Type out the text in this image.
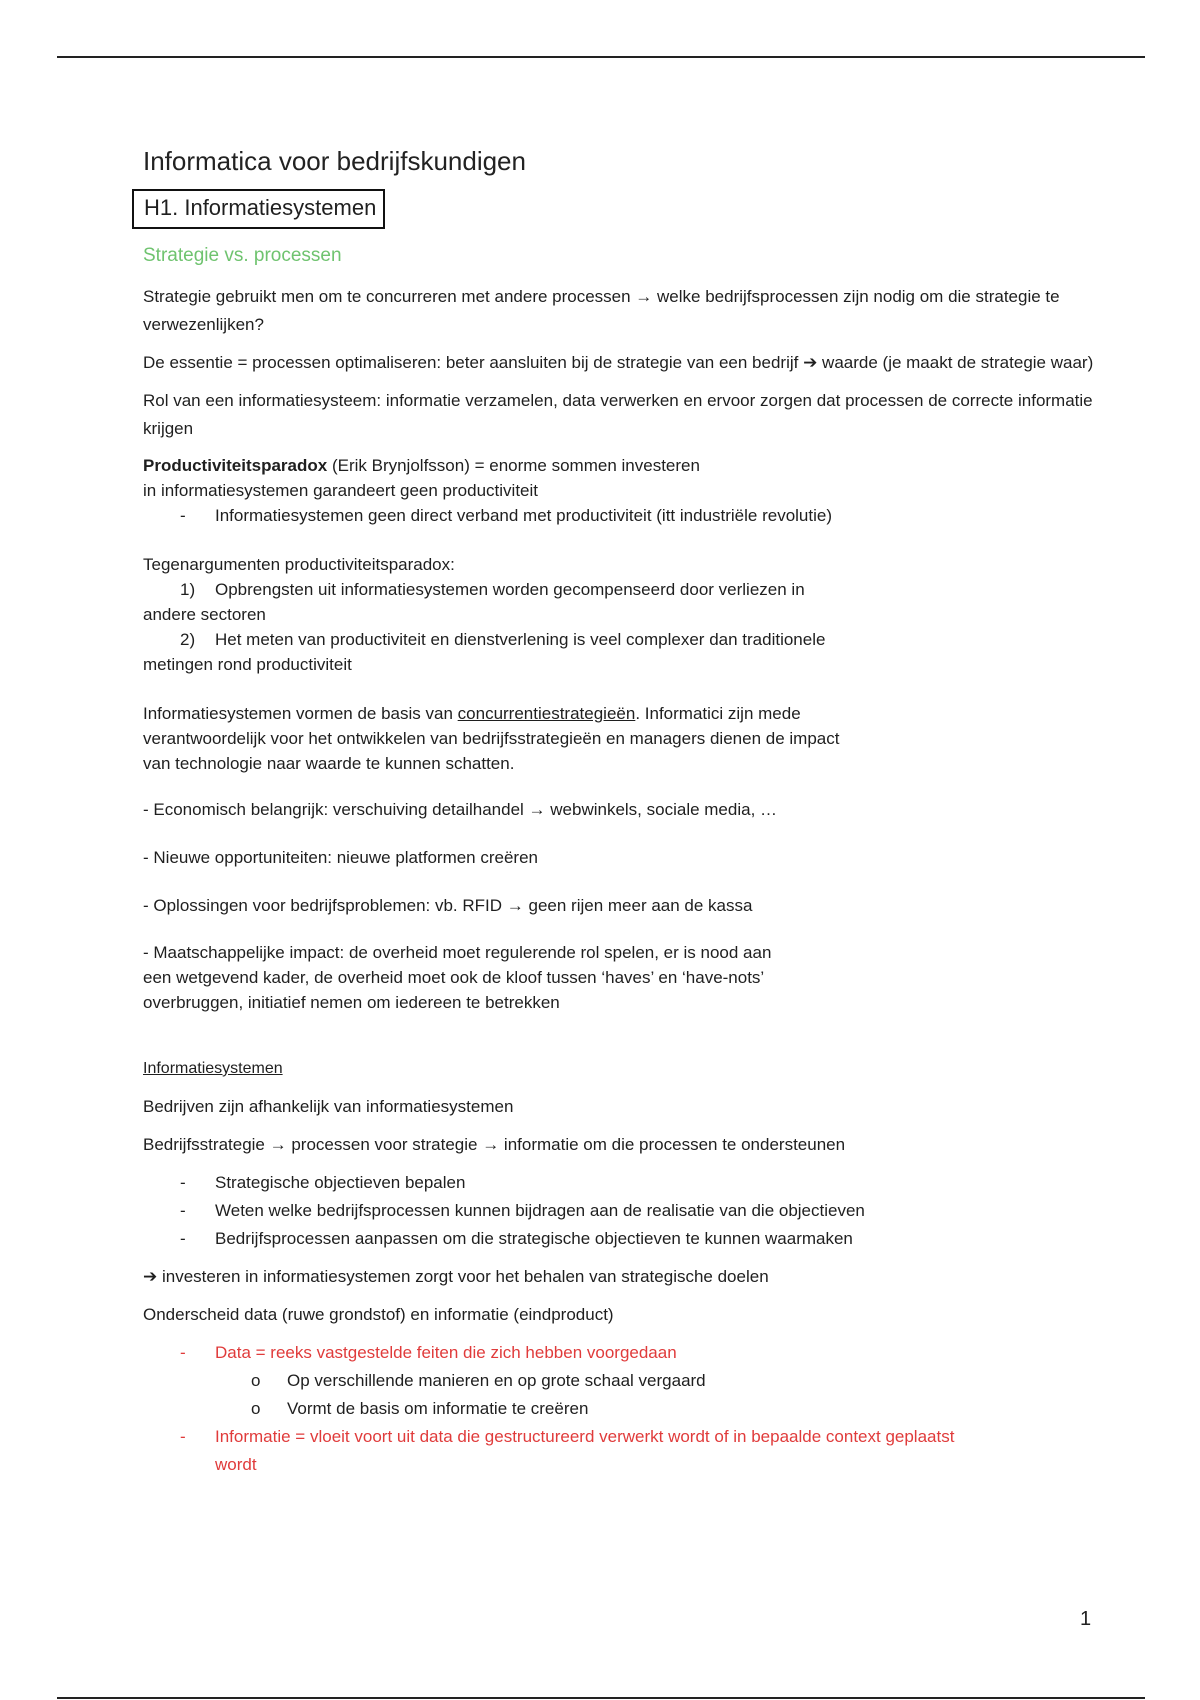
Informatica voor bedrijfskundigen
H1. Informatiesystemen
Strategie vs. processen

Strategie gebruikt men om te concurreren met andere processen → welke bedrijfsprocessen zijn nodig om die strategie te verwezenlijken?

De essentie = processen optimaliseren: beter aansluiten bij de strategie van een bedrijf ➔ waarde (je maakt de strategie waar)

Rol van een informatiesysteem: informatie verzamelen, data verwerken en ervoor zorgen dat processen de correcte informatie krijgen

Productiviteitsparadox (Erik Brynjolfsson) = enorme sommen investeren
in informatiesystemen garandeert geen productiviteit
-	Informatiesystemen geen direct verband met productiviteit (itt industriële revolutie)
Tegenargumenten productiviteitsparadox:
1)	Opbrengsten uit informatiesystemen worden gecompenseerd door verliezen in
andere sectoren
2)	Het meten van productiviteit en dienstverlening is veel complexer dan traditionele
metingen rond productiviteit
Informatiesystemen vormen de basis van concurrentiestrategieën. Informatici zijn mede
verantwoordelijk voor het ontwikkelen van bedrijfsstrategieën en managers dienen de impact
van technologie naar waarde te kunnen schatten.
- Economisch belangrijk: verschuiving detailhandel → webwinkels, sociale media, …
- Nieuwe opportuniteiten: nieuwe platformen creëren
- Oplossingen voor bedrijfsproblemen: vb. RFID → geen rijen meer aan de kassa
- Maatschappelijke impact: de overheid moet regulerende rol spelen, er is nood aan
een wetgevend kader, de overheid moet ook de kloof tussen ‘haves’ en ‘have-nots’
overbruggen, initiatief nemen om iedereen te betrekken
Informatiesystemen

Bedrijven zijn afhankelijk van informatiesystemen

Bedrijfsstrategie → processen voor strategie → informatie om die processen te ondersteunen

-	Strategische objectieven bepalen
-	Weten welke bedrijfsprocessen kunnen bijdragen aan de realisatie van die objectieven
-	Bedrijfsprocessen aanpassen om die strategische objectieven te kunnen waarmaken

➔ investeren in informatiesystemen zorgt voor het behalen van strategische doelen

Onderscheid data (ruwe grondstof) en informatie (eindproduct)

-	Data = reeks vastgestelde feiten die zich hebben voorgedaan
o	Op verschillende manieren en op grote schaal vergaard
o	Vormt de basis om informatie te creëren
-	Informatie = vloeit voort uit data die gestructureerd verwerkt wordt of in bepaalde context geplaatst wordt
1
